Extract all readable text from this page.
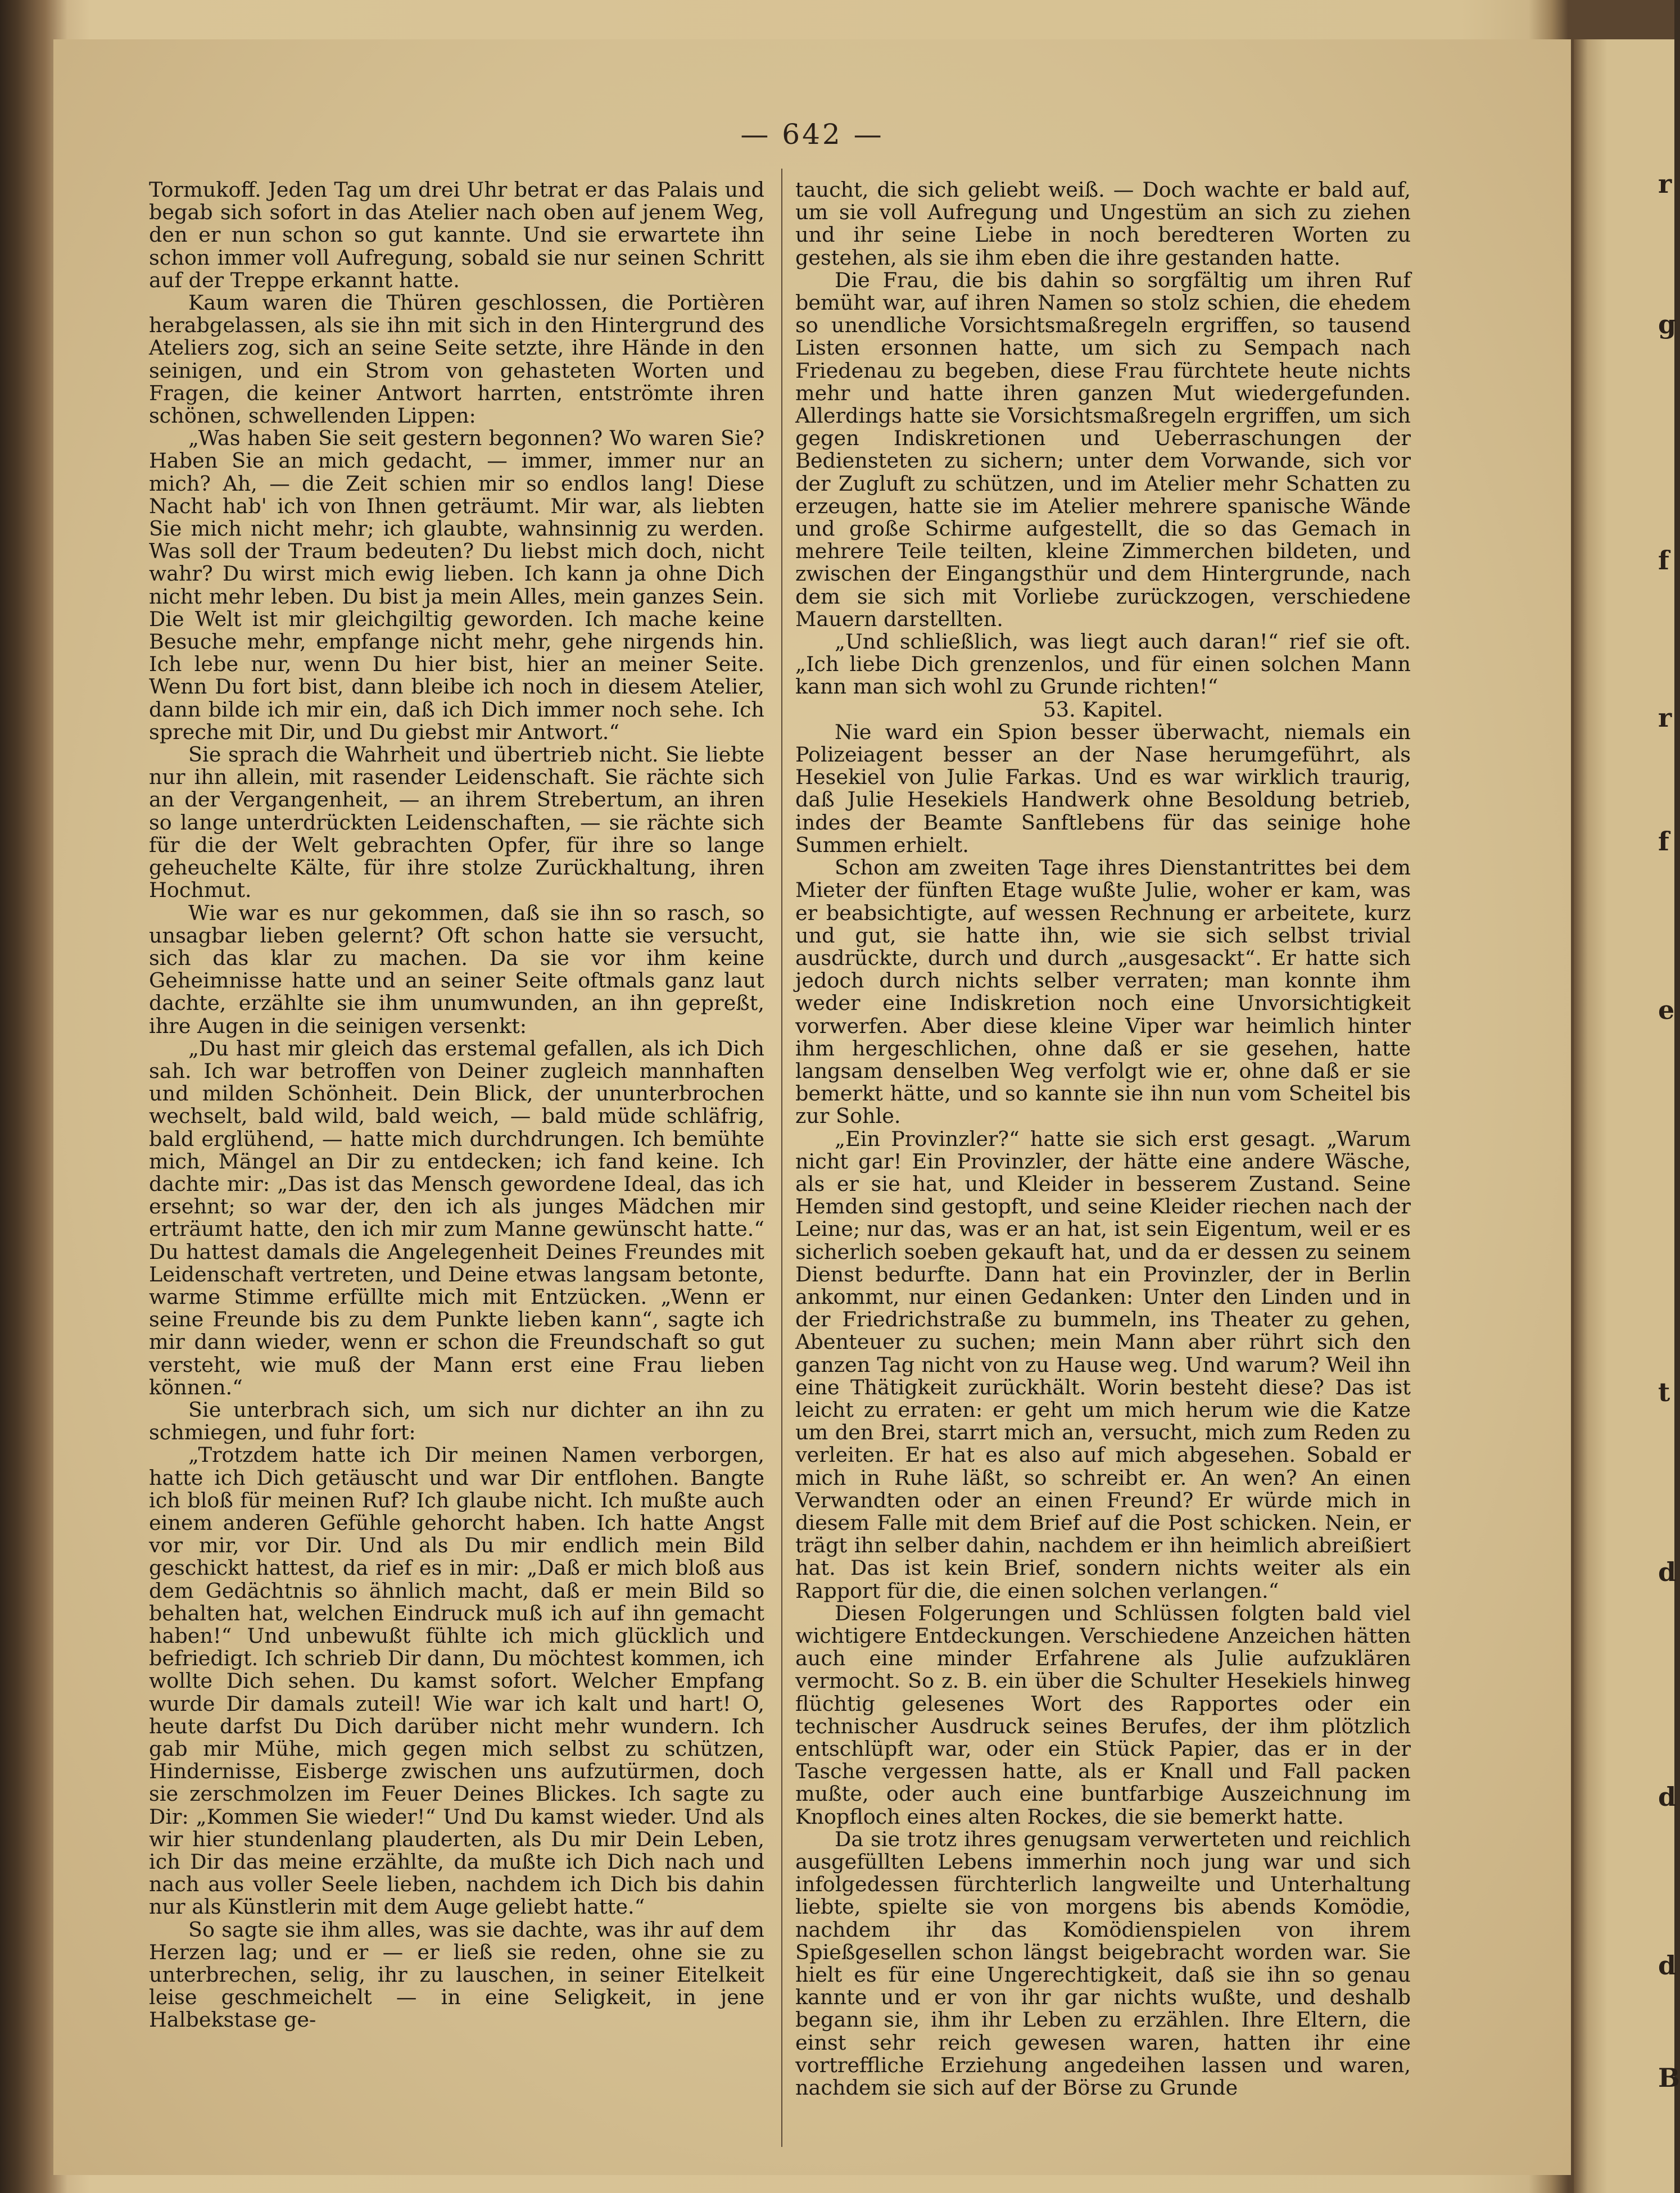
— 642 —

Tormukoff. Jeden Tag um drei Uhr betrat er das Palais und begab sich sofort in das Atelier nach oben auf jenem Weg, den er nun schon so gut kannte. Und sie erwartete ihn schon immer voll Aufregung, sobald sie nur seinen Schritt auf der Treppe erkannt hatte.

Kaum waren die Thüren geschlossen, die Portièren herabgelassen, als sie ihn mit sich in den Hintergrund des Ateliers zog, sich an seine Seite setzte, ihre Hände in den seinigen, und ein Strom von gehasteten Worten und Fragen, die keiner Antwort harrten, entströmte ihren schönen, schwellenden Lippen:

„Was haben Sie seit gestern begonnen? Wo waren Sie? Haben Sie an mich gedacht, — immer, immer nur an mich? Ah, — die Zeit schien mir so endlos lang! Diese Nacht hab' ich von Ihnen geträumt. Mir war, als liebten Sie mich nicht mehr; ich glaubte, wahnsinnig zu werden. Was soll der Traum bedeuten? Du liebst mich doch, nicht wahr? Du wirst mich ewig lieben. Ich kann ja ohne Dich nicht mehr leben. Du bist ja mein Alles, mein ganzes Sein. Die Welt ist mir gleichgiltig geworden. Ich mache keine Besuche mehr, empfange nicht mehr, gehe nirgends hin. Ich lebe nur, wenn Du hier bist, hier an meiner Seite. Wenn Du fort bist, dann bleibe ich noch in diesem Atelier, dann bilde ich mir ein, daß ich Dich immer noch sehe. Ich spreche mit Dir, und Du giebst mir Antwort.“

Sie sprach die Wahrheit und übertrieb nicht. Sie liebte nur ihn allein, mit rasender Leidenschaft. Sie rächte sich an der Vergangenheit, — an ihrem Strebertum, an ihren so lange unterdrückten Leidenschaften, — sie rächte sich für die der Welt gebrachten Opfer, für ihre so lange geheuchelte Kälte, für ihre stolze Zurückhaltung, ihren Hochmut.

Wie war es nur gekommen, daß sie ihn so rasch, so unsagbar lieben gelernt? Oft schon hatte sie versucht, sich das klar zu machen. Da sie vor ihm keine Geheimnisse hatte und an seiner Seite oftmals ganz laut dachte, erzählte sie ihm unumwunden, an ihn gepreßt, ihre Augen in die seinigen versenkt:

„Du hast mir gleich das erstemal gefallen, als ich Dich sah. Ich war betroffen von Deiner zugleich mannhaften und milden Schönheit. Dein Blick, der ununterbrochen wechselt, bald wild, bald weich, — bald müde schläfrig, bald erglühend, — hatte mich durchdrungen. Ich bemühte mich, Mängel an Dir zu entdecken; ich fand keine. Ich dachte mir: „Das ist das Mensch gewordene Ideal, das ich ersehnt; so war der, den ich als junges Mädchen mir erträumt hatte, den ich mir zum Manne gewünscht hatte.“ Du hattest damals die Angelegenheit Deines Freundes mit Leidenschaft vertreten, und Deine etwas langsam betonte, warme Stimme erfüllte mich mit Entzücken. „Wenn er seine Freunde bis zu dem Punkte lieben kann“, sagte ich mir dann wieder, wenn er schon die Freundschaft so gut versteht, wie muß der Mann erst eine Frau lieben können.“

Sie unterbrach sich, um sich nur dichter an ihn zu schmiegen, und fuhr fort:

„Trotzdem hatte ich Dir meinen Namen verborgen, hatte ich Dich getäuscht und war Dir entflohen. Bangte ich bloß für meinen Ruf? Ich glaube nicht. Ich mußte auch einem anderen Gefühle gehorcht haben. Ich hatte Angst vor mir, vor Dir. Und als Du mir endlich mein Bild geschickt hattest, da rief es in mir: „Daß er mich bloß aus dem Gedächtnis so ähnlich macht, daß er mein Bild so behalten hat, welchen Eindruck muß ich auf ihn gemacht haben!“ Und unbewußt fühlte ich mich glücklich und befriedigt. Ich schrieb Dir dann, Du möchtest kommen, ich wollte Dich sehen. Du kamst sofort. Welcher Empfang wurde Dir damals zuteil! Wie war ich kalt und hart! O, heute darfst Du Dich darüber nicht mehr wundern. Ich gab mir Mühe, mich gegen mich selbst zu schützen, Hindernisse, Eisberge zwischen uns aufzutürmen, doch sie zerschmolzen im Feuer Deines Blickes. Ich sagte zu Dir: „Kommen Sie wieder!“ Und Du kamst wieder. Und als wir hier stundenlang plauderten, als Du mir Dein Leben, ich Dir das meine erzählte, da mußte ich Dich nach und nach aus voller Seele lieben, nachdem ich Dich bis dahin nur als Künstlerin mit dem Auge geliebt hatte.“

So sagte sie ihm alles, was sie dachte, was ihr auf dem Herzen lag; und er — er ließ sie reden, ohne sie zu unterbrechen, selig, ihr zu lauschen, in seiner Eitelkeit leise geschmeichelt — in eine Seligkeit, in jene Halbekstase ge-

taucht, die sich geliebt weiß. — Doch wachte er bald auf, um sie voll Aufregung und Ungestüm an sich zu ziehen und ihr seine Liebe in noch beredteren Worten zu gestehen, als sie ihm eben die ihre gestanden hatte.

Die Frau, die bis dahin so sorgfältig um ihren Ruf bemüht war, auf ihren Namen so stolz schien, die ehedem so unendliche Vorsichtsmaßregeln ergriffen, so tausend Listen ersonnen hatte, um sich zu Sempach nach Friedenau zu begeben, diese Frau fürchtete heute nichts mehr und hatte ihren ganzen Mut wiedergefunden. Allerdings hatte sie Vorsichtsmaßregeln ergriffen, um sich gegen Indiskretionen und Ueberraschungen der Bediensteten zu sichern; unter dem Vorwande, sich vor der Zugluft zu schützen, und im Atelier mehr Schatten zu erzeugen, hatte sie im Atelier mehrere spanische Wände und große Schirme aufgestellt, die so das Gemach in mehrere Teile teilten, kleine Zimmerchen bildeten, und zwischen der Eingangsthür und dem Hintergrunde, nach dem sie sich mit Vorliebe zurückzogen, verschiedene Mauern darstellten.

„Und schließlich, was liegt auch daran!“ rief sie oft. „Ich liebe Dich grenzenlos, und für einen solchen Mann kann man sich wohl zu Grunde richten!“

53. Kapitel.

Nie ward ein Spion besser überwacht, niemals ein Polizeiagent besser an der Nase herumgeführt, als Hesekiel von Julie Farkas. Und es war wirklich traurig, daß Julie Hesekiels Handwerk ohne Besoldung betrieb, indes der Beamte Sanftlebens für das seinige hohe Summen erhielt.

Schon am zweiten Tage ihres Dienstantrittes bei dem Mieter der fünften Etage wußte Julie, woher er kam, was er beabsichtigte, auf wessen Rechnung er arbeitete, kurz und gut, sie hatte ihn, wie sie sich selbst trivial ausdrückte, durch und durch „ausgesackt“. Er hatte sich jedoch durch nichts selber verraten; man konnte ihm weder eine Indiskretion noch eine Unvorsichtigkeit vorwerfen. Aber diese kleine Viper war heimlich hinter ihm hergeschlichen, ohne daß er sie gesehen, hatte langsam denselben Weg verfolgt wie er, ohne daß er sie bemerkt hätte, und so kannte sie ihn nun vom Scheitel bis zur Sohle.

„Ein Provinzler?“ hatte sie sich erst gesagt. „Warum nicht gar! Ein Provinzler, der hätte eine andere Wäsche, als er sie hat, und Kleider in besserem Zustand. Seine Hemden sind gestopft, und seine Kleider riechen nach der Leine; nur das, was er an hat, ist sein Eigentum, weil er es sicherlich soeben gekauft hat, und da er dessen zu seinem Dienst bedurfte. Dann hat ein Provinzler, der in Berlin ankommt, nur einen Gedanken: Unter den Linden und in der Friedrichstraße zu bummeln, ins Theater zu gehen, Abenteuer zu suchen; mein Mann aber rührt sich den ganzen Tag nicht von zu Hause weg. Und warum? Weil ihn eine Thätigkeit zurückhält. Worin besteht diese? Das ist leicht zu erraten: er geht um mich herum wie die Katze um den Brei, starrt mich an, versucht, mich zum Reden zu verleiten. Er hat es also auf mich abgesehen. Sobald er mich in Ruhe läßt, so schreibt er. An wen? An einen Verwandten oder an einen Freund? Er würde mich in diesem Falle mit dem Brief auf die Post schicken. Nein, er trägt ihn selber dahin, nachdem er ihn heimlich abreißiert hat. Das ist kein Brief, sondern nichts weiter als ein Rapport für die, die einen solchen verlangen.“

Diesen Folgerungen und Schlüssen folgten bald viel wichtigere Entdeckungen. Verschiedene Anzeichen hätten auch eine minder Erfahrene als Julie aufzuklären vermocht. So z. B. ein über die Schulter Hesekiels hinweg flüchtig gelesenes Wort des Rapportes oder ein technischer Ausdruck seines Berufes, der ihm plötzlich entschlüpft war, oder ein Stück Papier, das er in der Tasche vergessen hatte, als er Knall und Fall packen mußte, oder auch eine buntfarbige Auszeichnung im Knopfloch eines alten Rockes, die sie bemerkt hatte.

Da sie trotz ihres genugsam verwerteten und reichlich ausgefüllten Lebens immerhin noch jung war und sich infolgedessen fürchterlich langweilte und Unterhaltung liebte, spielte sie von morgens bis abends Komödie, nachdem ihr das Komödienspielen von ihrem Spießgesellen schon längst beigebracht worden war. Sie hielt es für eine Ungerechtigkeit, daß sie ihn so genau kannte und er von ihr gar nichts wußte, und deshalb begann sie, ihm ihr Leben zu erzählen. Ihre Eltern, die einst sehr reich gewesen waren, hatten ihr eine vortreffliche Erziehung angedeihen lassen und waren, nachdem sie sich auf der Börse zu Grunde

r
g
f
r
f
e
t
d
d
d
B
